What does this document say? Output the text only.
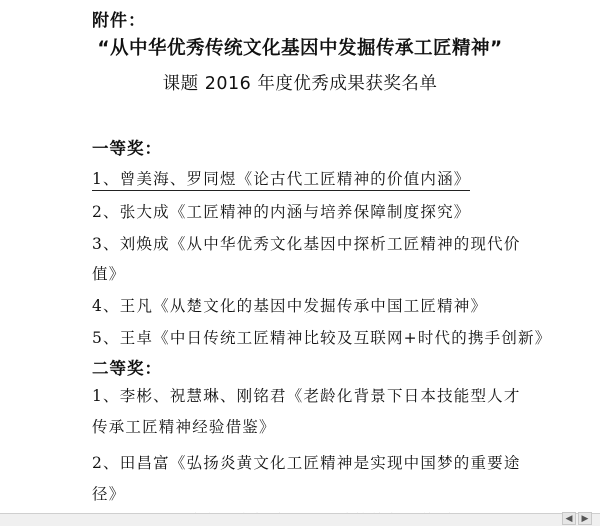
附件：
“从中华优秀传统文化基因中发掘传承工匠精神”
课题 2016 年度优秀成果获奖名单
一等奖：
1、曾美海、罗同煜《论古代工匠精神的价值内涵》
2、张大成《工匠精神的内涵与培养保障制度探究》
3、刘焕成《从中华优秀文化基因中探析工匠精神的现代价
值》
4、王凡《从楚文化的基因中发掘传承中国工匠精神》
5、王卓《中日传统工匠精神比较及互联网+时代的携手创新》
二等奖：
1、李彬、祝慧琳、刚铭君《老龄化背景下日本技能型人才
传承工匠精神经验借鉴》
2、田昌富《弘扬炎黄文化工匠精神是实现中国梦的重要途
径》
◀	▶
